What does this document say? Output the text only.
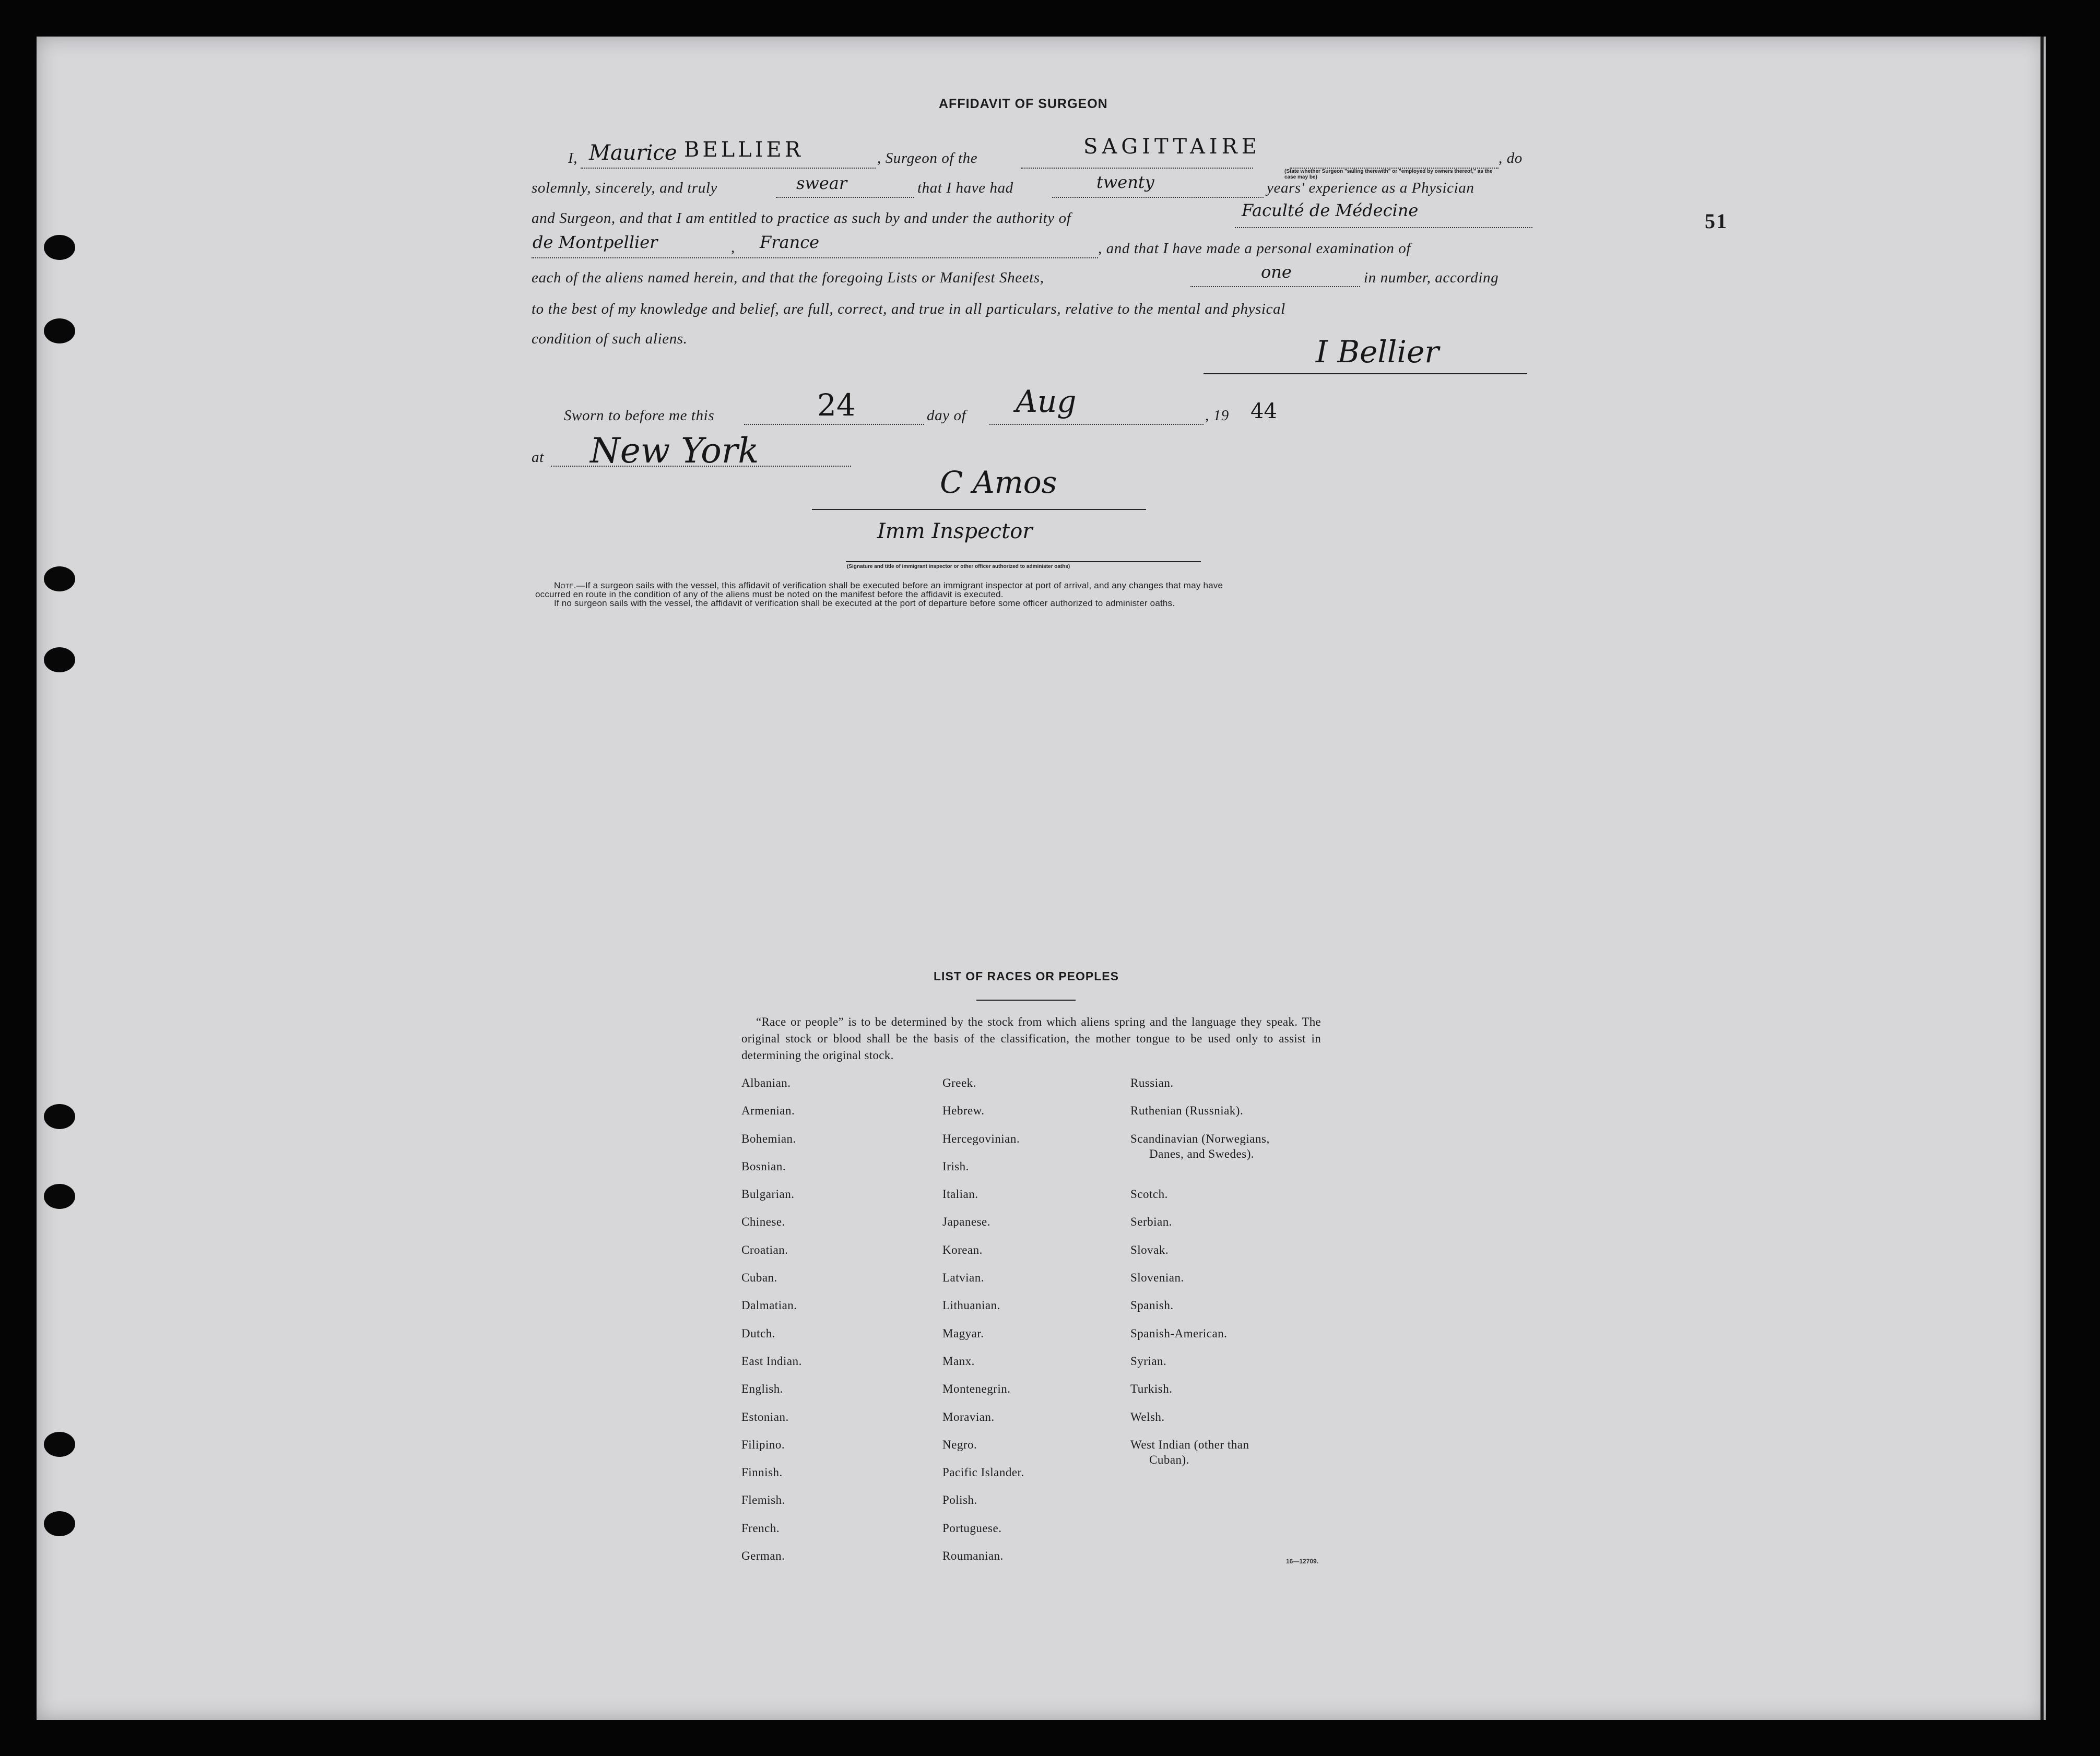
51
AFFIDAVIT OF SURGEON
I, Maurice BELLIER	, Surgeon of the	SAGITTAIRE
(State whether Surgeon "sailing therewith" or "employed by owners thereof," as the case may be)
, do
solemnly, sincerely, and truly	swear	that I have had	twenty	years' experience as a Physician
and Surgeon, and that I am entitled to practice as such by and under the authority of	Faculté de Médecine
de Montpellier	, France	, and that I have made a personal examination of
each of the aliens named herein, and that the foregoing Lists or Manifest Sheets,	one	in number, according
to the best of my knowledge and belief, are full, correct, and true in all particulars, relative to the mental and physical
condition of such aliens.	I Bellier
Sworn to before me this	24	day of Aug	, 19 44
at New York
C Amos
Imm Inspector
(Signature and title of immigrant inspector or other officer authorized to administer oaths)
Note.—If a surgeon sails with the vessel, this affidavit of verification shall be executed before an immigrant inspector at port of arrival, and any changes that may have
occurred en route in the condition of any of the aliens must be noted on the manifest before the affidavit is executed.
If no surgeon sails with the vessel, the affidavit of verification shall be executed at the port of departure before some officer authorized to administer oaths.
LIST OF RACES OR PEOPLES
“Race or people” is to be determined by the stock from which aliens spring and the language they speak. The original stock or blood shall be the basis of the classification, the mother tongue to be used only to assist in determining the original stock.
Albanian.
Armenian.
Bohemian.
Bosnian.
Bulgarian.
Chinese.
Croatian.
Cuban.
Dalmatian.
Dutch.
East Indian.
English.
Estonian.
Filipino.
Finnish.
Flemish.
French.
German.
Greek.
Hebrew.
Hercegovinian.
Irish.
Italian.
Japanese.
Korean.
Latvian.
Lithuanian.
Magyar.
Manx.
Montenegrin.
Moravian.
Negro.
Pacific Islander.
Polish.
Portuguese.
Roumanian.
Russian.
Ruthenian (Russniak).
Scandinavian (Norwegians,
Danes, and Swedes).
Scotch.
Serbian.
Slovak.
Slovenian.
Spanish.
Spanish-American.
Syrian.
Turkish.
Welsh.
West Indian (other than
Cuban).
16—12709.
